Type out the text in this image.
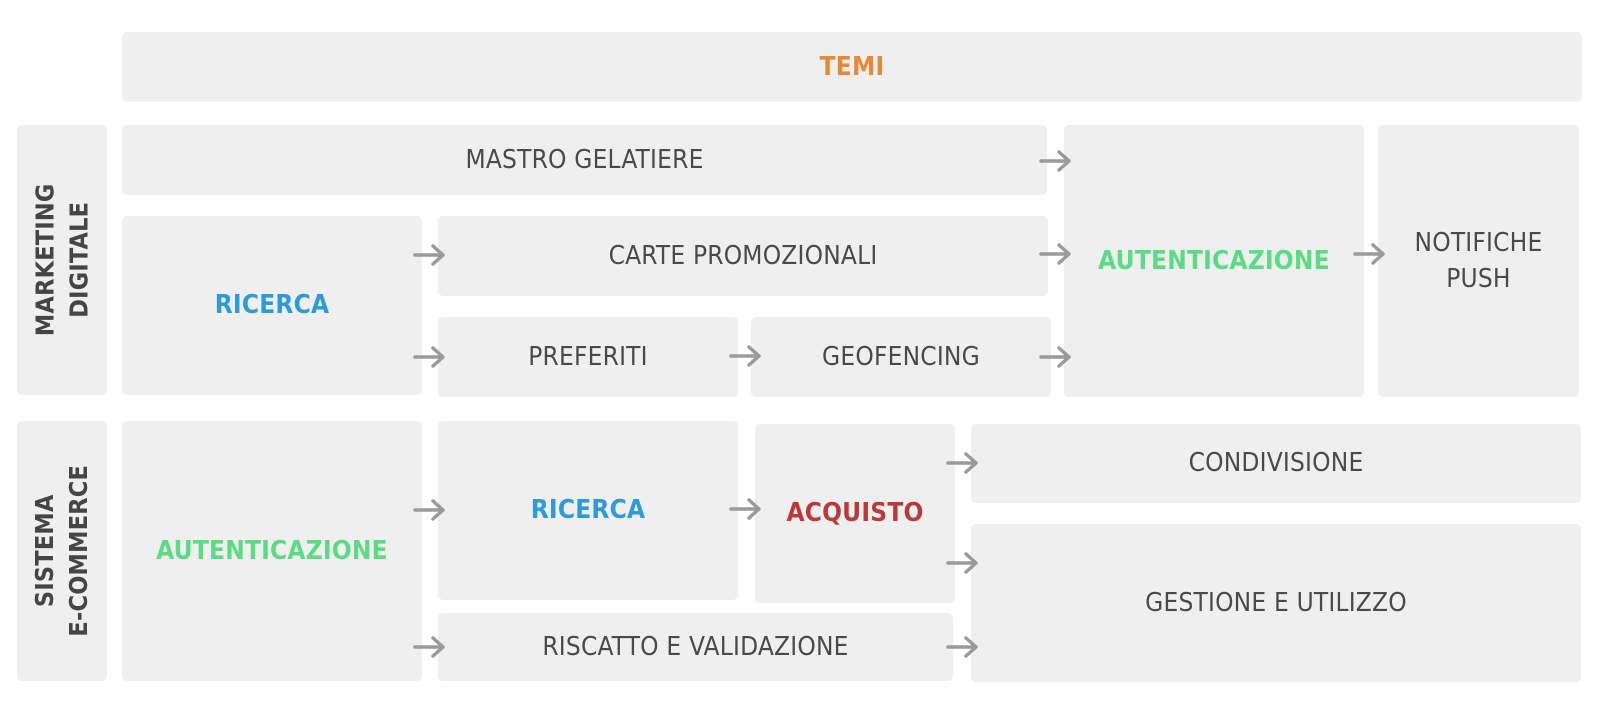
TEMI
MARKETING DIGITALE
SISTEMA E-COMMERCE
MASTRO GELATIERE
RICERCA
CARTE PROMOZIONALI
PREFERITI	GEOFENCING
AUTENTICAZIONE
NOTIFICHE
PUSH
AUTENTICAZIONE
RICERCA	ACQUISTO
RISCATTO E VALIDAZIONE
CONDIVISIONE
GESTIONE E UTILIZZO
